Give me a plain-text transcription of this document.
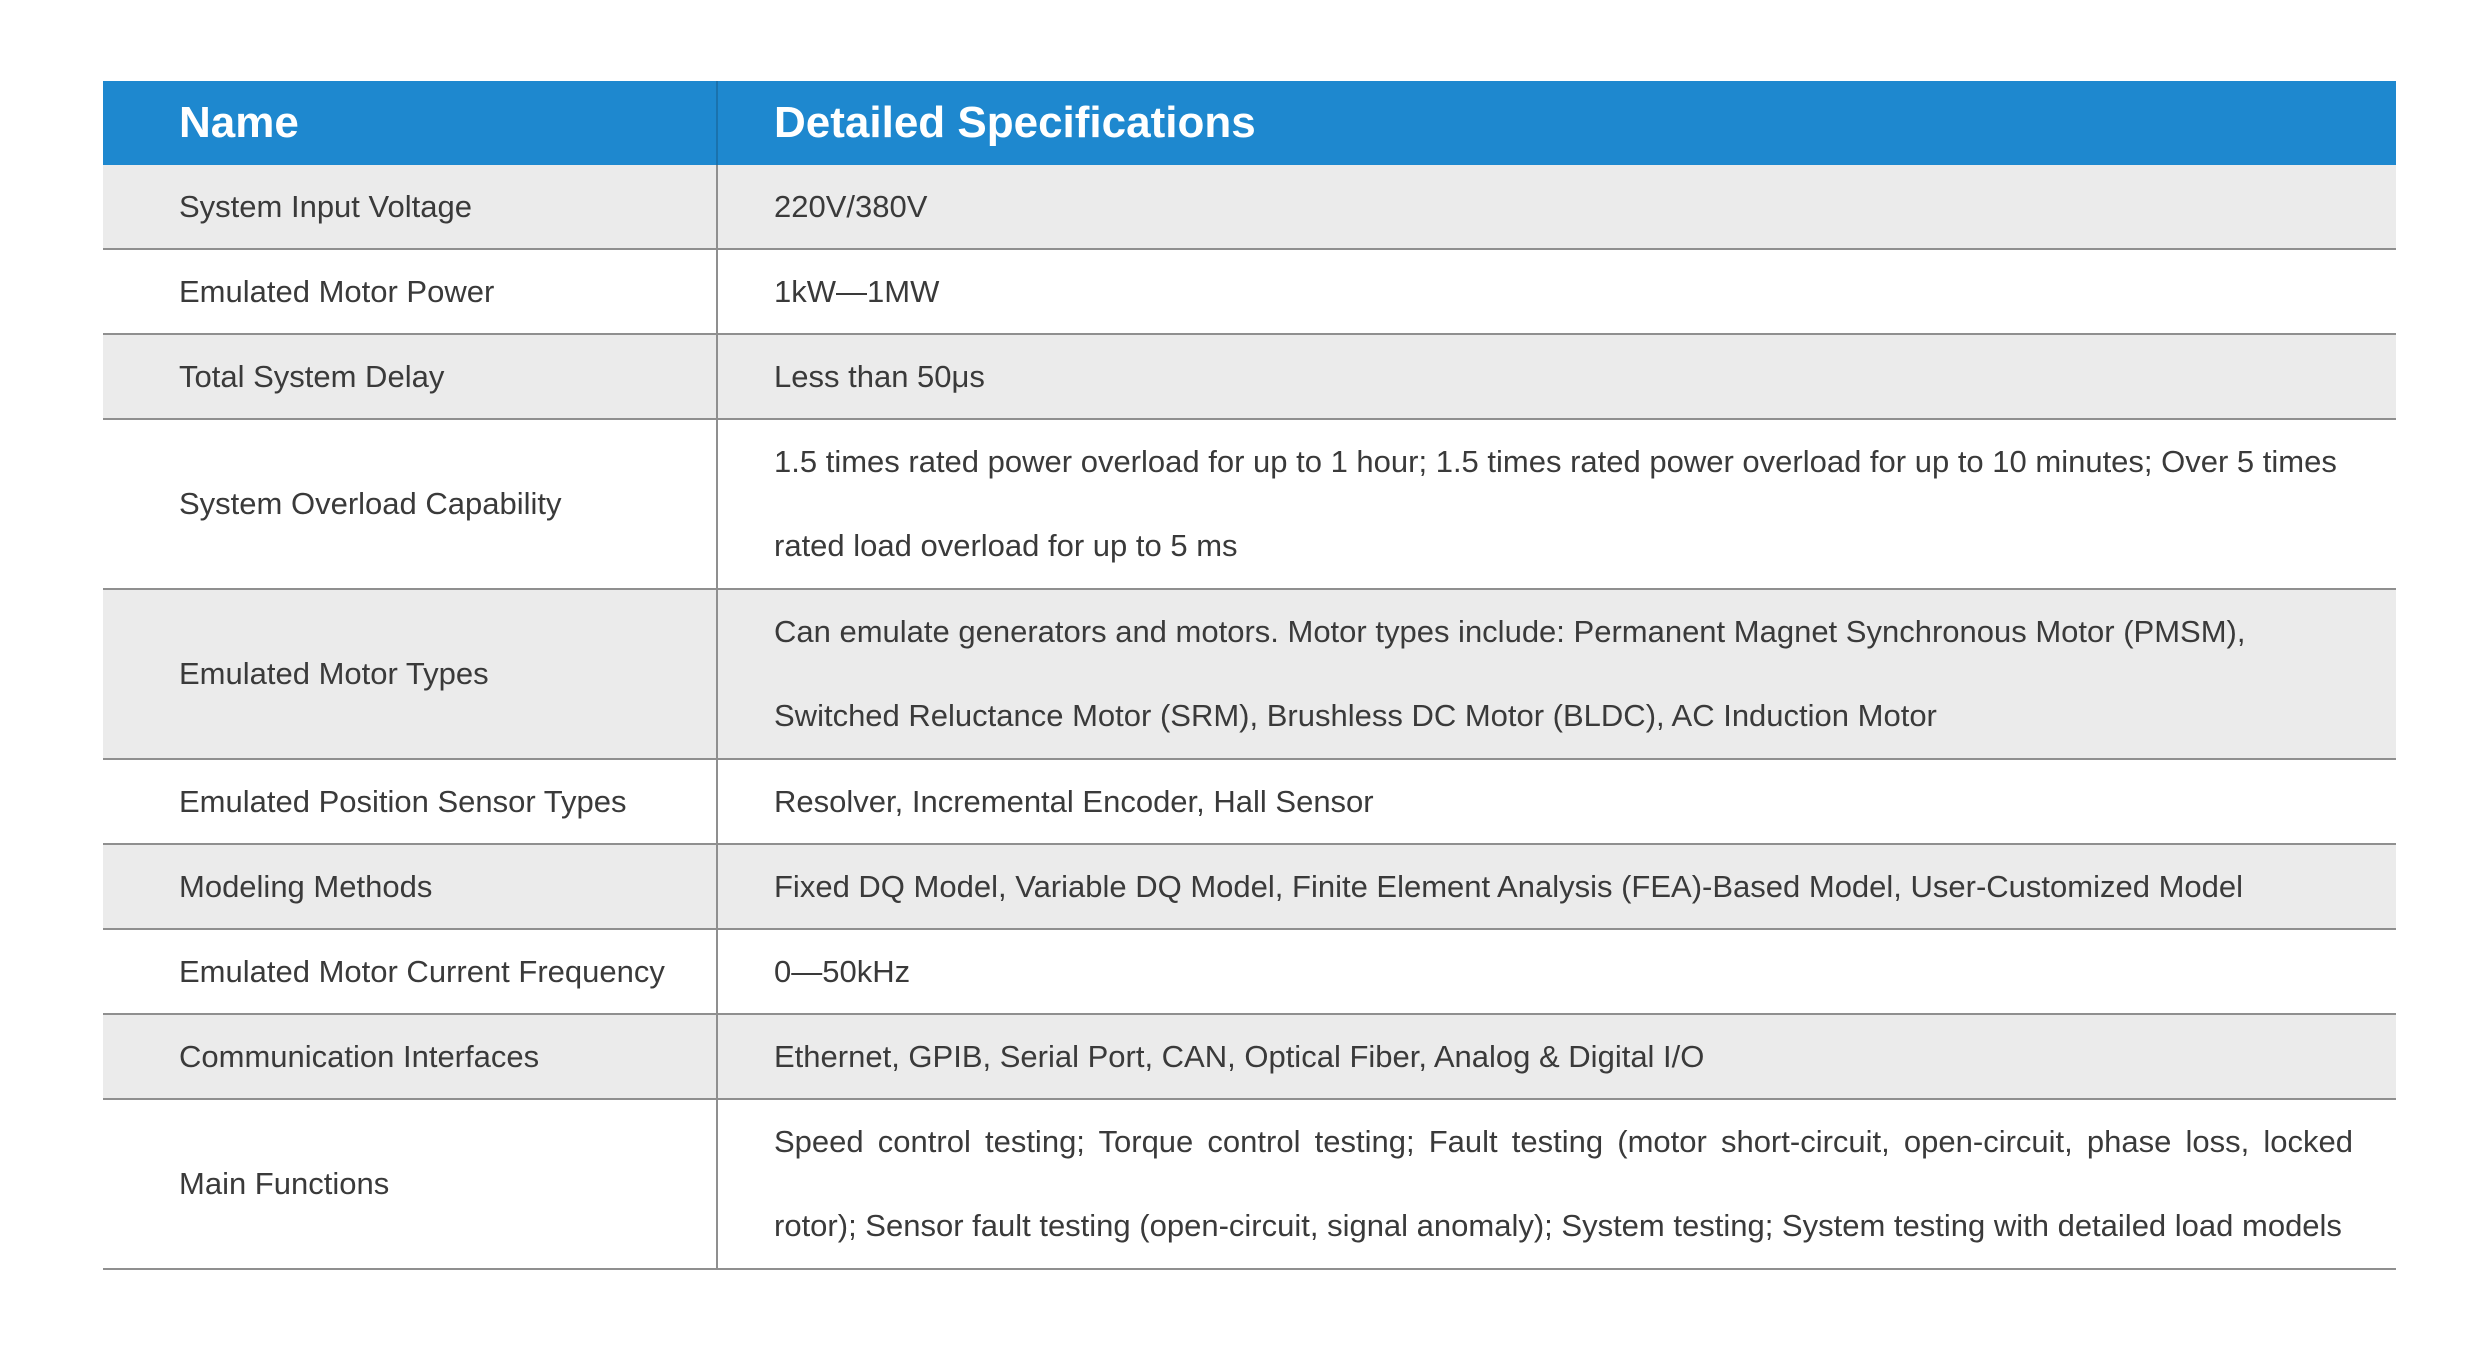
Name	Detailed Specifications
System Input Voltage	220V/380V
Emulated Motor Power	1kW—1MW
Total System Delay	Less than 50μs
System Overload Capability	1.5 times rated power overload for up to 1 hour; 1.5 times rated power overload for up to 10 minutes; Over 5 times rated load overload for up to 5 ms
Emulated Motor Types	Can emulate generators and motors. Motor types include: Permanent Magnet Synchronous Motor (PMSM), Switched Reluctance Motor (SRM), Brushless DC Motor (BLDC), AC Induction Motor
Emulated Position Sensor Types	Resolver, Incremental Encoder, Hall Sensor
Modeling Methods	Fixed DQ Model, Variable DQ Model, Finite Element Analysis (FEA)-Based Model, User-Customized Model
Emulated Motor Current Frequency	0—50kHz
Communication Interfaces	Ethernet, GPIB, Serial Port, CAN, Optical Fiber, Analog & Digital I/O
Main Functions	Speed control testing; Torque control testing; Fault testing (motor short-circuit, open-circuit, phase loss, locked rotor); Sensor fault testing (open-circuit, signal anomaly); System testing; System testing with detailed load models
